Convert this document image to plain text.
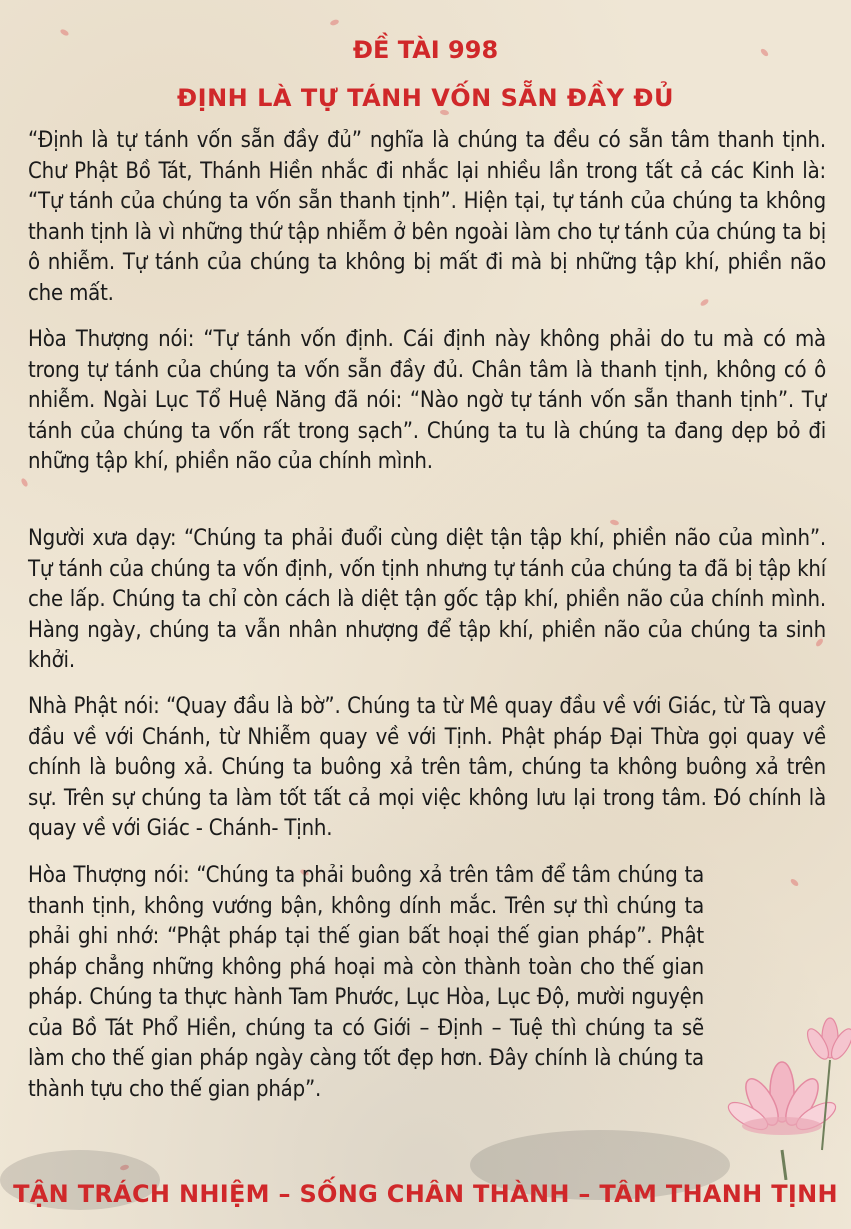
ĐỀ TÀI 998
ĐỊNH LÀ TỰ TÁNH VỐN SẴN ĐẦY ĐỦ

“Định là tự tánh vốn sẵn đầy đủ” nghĩa là chúng ta đều có sẵn tâm thanh tịnh. Chư Phật Bồ Tát, Thánh Hiền nhắc đi nhắc lại nhiều lần trong tất cả các Kinh là: “Tự tánh của chúng ta vốn sẵn thanh tịnh”. Hiện tại, tự tánh của chúng ta không thanh tịnh là vì những thứ tập nhiễm ở bên ngoài làm cho tự tánh của chúng ta bị ô nhiễm. Tự tánh của chúng ta không bị mất đi mà bị những tập khí, phiền não che mất.

Hòa Thượng nói: “Tự tánh vốn định. Cái định này không phải do tu mà có mà trong tự tánh của chúng ta vốn sẵn đầy đủ. Chân tâm là thanh tịnh, không có ô nhiễm. Ngài Lục Tổ Huệ Năng đã nói: “Nào ngờ tự tánh vốn sẵn thanh tịnh”. Tự tánh của chúng ta vốn rất trong sạch”. Chúng ta tu là chúng ta đang dẹp bỏ đi những tập khí, phiền não của chính mình.

Người xưa dạy: “Chúng ta phải đuổi cùng diệt tận tập khí, phiền não của mình”. Tự tánh của chúng ta vốn định, vốn tịnh nhưng tự tánh của chúng ta đã bị tập khí che lấp. Chúng ta chỉ còn cách là diệt tận gốc tập khí, phiền não của chính mình. Hàng ngày, chúng ta vẫn nhân nhượng để tập khí, phiền não của chúng ta sinh khởi.

Nhà Phật nói: “Quay đầu là bờ”. Chúng ta từ Mê quay đầu về với Giác, từ Tà quay đầu về với Chánh, từ Nhiễm quay về với Tịnh. Phật pháp Đại Thừa gọi quay về chính là buông xả. Chúng ta buông xả trên tâm, chúng ta không buông xả trên sự. Trên sự chúng ta làm tốt tất cả mọi việc không lưu lại trong tâm. Đó chính là quay về với Giác - Chánh- Tịnh.

Hòa Thượng nói: “Chúng ta phải buông xả trên tâm để tâm chúng ta thanh tịnh, không vướng bận, không dính mắc. Trên sự thì chúng ta phải ghi nhớ: “Phật pháp tại thế gian bất hoại thế gian pháp”. Phật pháp chẳng những không phá hoại mà còn thành toàn cho thế gian pháp. Chúng ta thực hành Tam Phước, Lục Hòa, Lục Độ, mười nguyện của Bồ Tát Phổ Hiền, chúng ta có Giới – Định – Tuệ thì chúng ta sẽ làm cho thế gian pháp ngày càng tốt đẹp hơn. Đây chính là chúng ta thành tựu cho thế gian pháp”.

TẬN TRÁCH NHIỆM – SỐNG CHÂN THÀNH – TÂM THANH TỊNH
